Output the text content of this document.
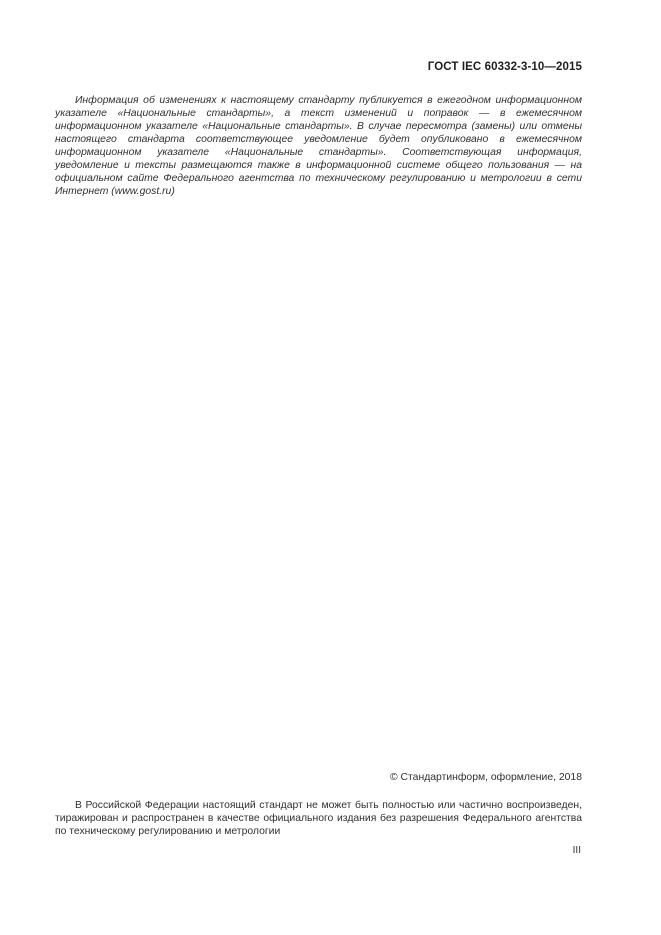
ГОСТ IEC 60332-3-10—2015

Информация об изменениях к настоящему стандарту публикуется в ежегодном информационном указателе «Национальные стандарты», а текст изменений и поправок — в ежемесячном информационном указателе «Национальные стандарты». В случае пересмотра (замены) или отмены настоящего стандарта соответствующее уведомление будет опубликовано в ежемесячном информационном указателе «Национальные стандарты». Соответствующая информация, уведомление и тексты размещаются также в информационной системе общего пользования — на официальном сайте Федерального агентства по техническому регулированию и метрологии в сети Интернет (www.gost.ru)

© Стандартинформ, оформление, 2018

В Российской Федерации настоящий стандарт не может быть полностью или частично воспроизведен, тиражирован и распространен в качестве официального издания без разрешения Федерального агентства по техническому регулированию и метрологии

III
